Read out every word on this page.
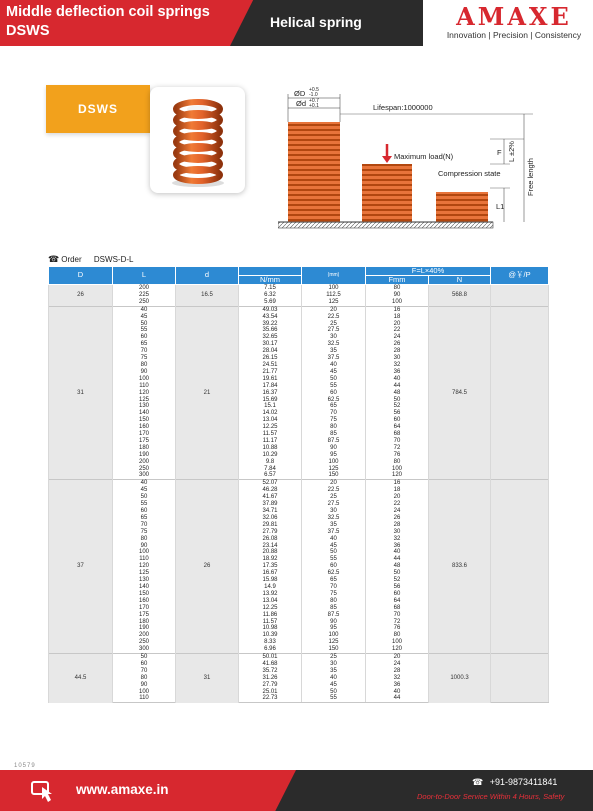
Middle deflection coil springs
DSWS
Helical spring	AMAXE
Innovation | Precision | Consistency
DSWS
ØD +0.5
-1.0
Ød +0.7
+0.1	Lifespan:1000000
Maximum load(N)
Compression state
F
L1
L ±2%
Free length
☎ Order DSWS-D-L
D	L	d		(mm)	F=L×40%		@￥/P
			N/mm		Fmm	N	
26	200	16.5	7.15	100	80	568.8	
	225		6.32	112.5	90		
	250		5.69	125	100		
31	40	21	49.03	20	16	784.5	
	45		43.54	22.5	18		
	50		39.22	25	20		
	55		35.66	27.5	22		
	60		32.65	30	24		
	65		30.17	32.5	26		
	70		28.04	35	28		
	75		26.15	37.5	30		
	80		24.51	40	32		
	90		21.77	45	36		
	100		19.61	50	40		
	110		17.84	55	44		
	120		16.37	60	48		
	125		15.69	62.5	50		
	130		15.1	65	52		
	140		14.02	70	56		
	150		13.04	75	60		
	160		12.25	80	64		
	170		11.57	85	68		
	175		11.17	87.5	70		
	180		10.88	90	72		
	190		10.29	95	76		
	200		9.8	100	80		
	250		7.84	125	100		
	300		6.57	150	120		
37	40	26	52.07	20	16	833.6	
	45		46.28	22.5	18		
	50		41.67	25	20		
	55		37.89	27.5	22		
	60		34.71	30	24		
	65		32.06	32.5	26		
	70		29.81	35	28		
	75		27.79	37.5	30		
	80		26.08	40	32		
	90		23.14	45	36		
	100		20.88	50	40		
	110		18.92	55	44		
	120		17.35	60	48		
	125		16.67	62.5	50		
	130		15.98	65	52		
	140		14.9	70	56		
	150		13.92	75	60		
	160		13.04	80	64		
	170		12.25	85	68		
	175		11.86	87.5	70		
	180		11.57	90	72		
	190		10.98	95	76		
	200		10.39	100	80		
	250		8.33	125	100		
	300		6.96	150	120		
44.5	50	31	50.01	25	20	1000.3	
	60		41.68	30	24		
	70		35.72	35	28		
	80		31.26	40	32		
	90		27.79	45	36		
	100		25.01	50	40		
	110		22.73	55	44		
10579
www.amaxe.in	☎ +91-9873411841
Door-to-Door Service Within 4 Hours, Safety
